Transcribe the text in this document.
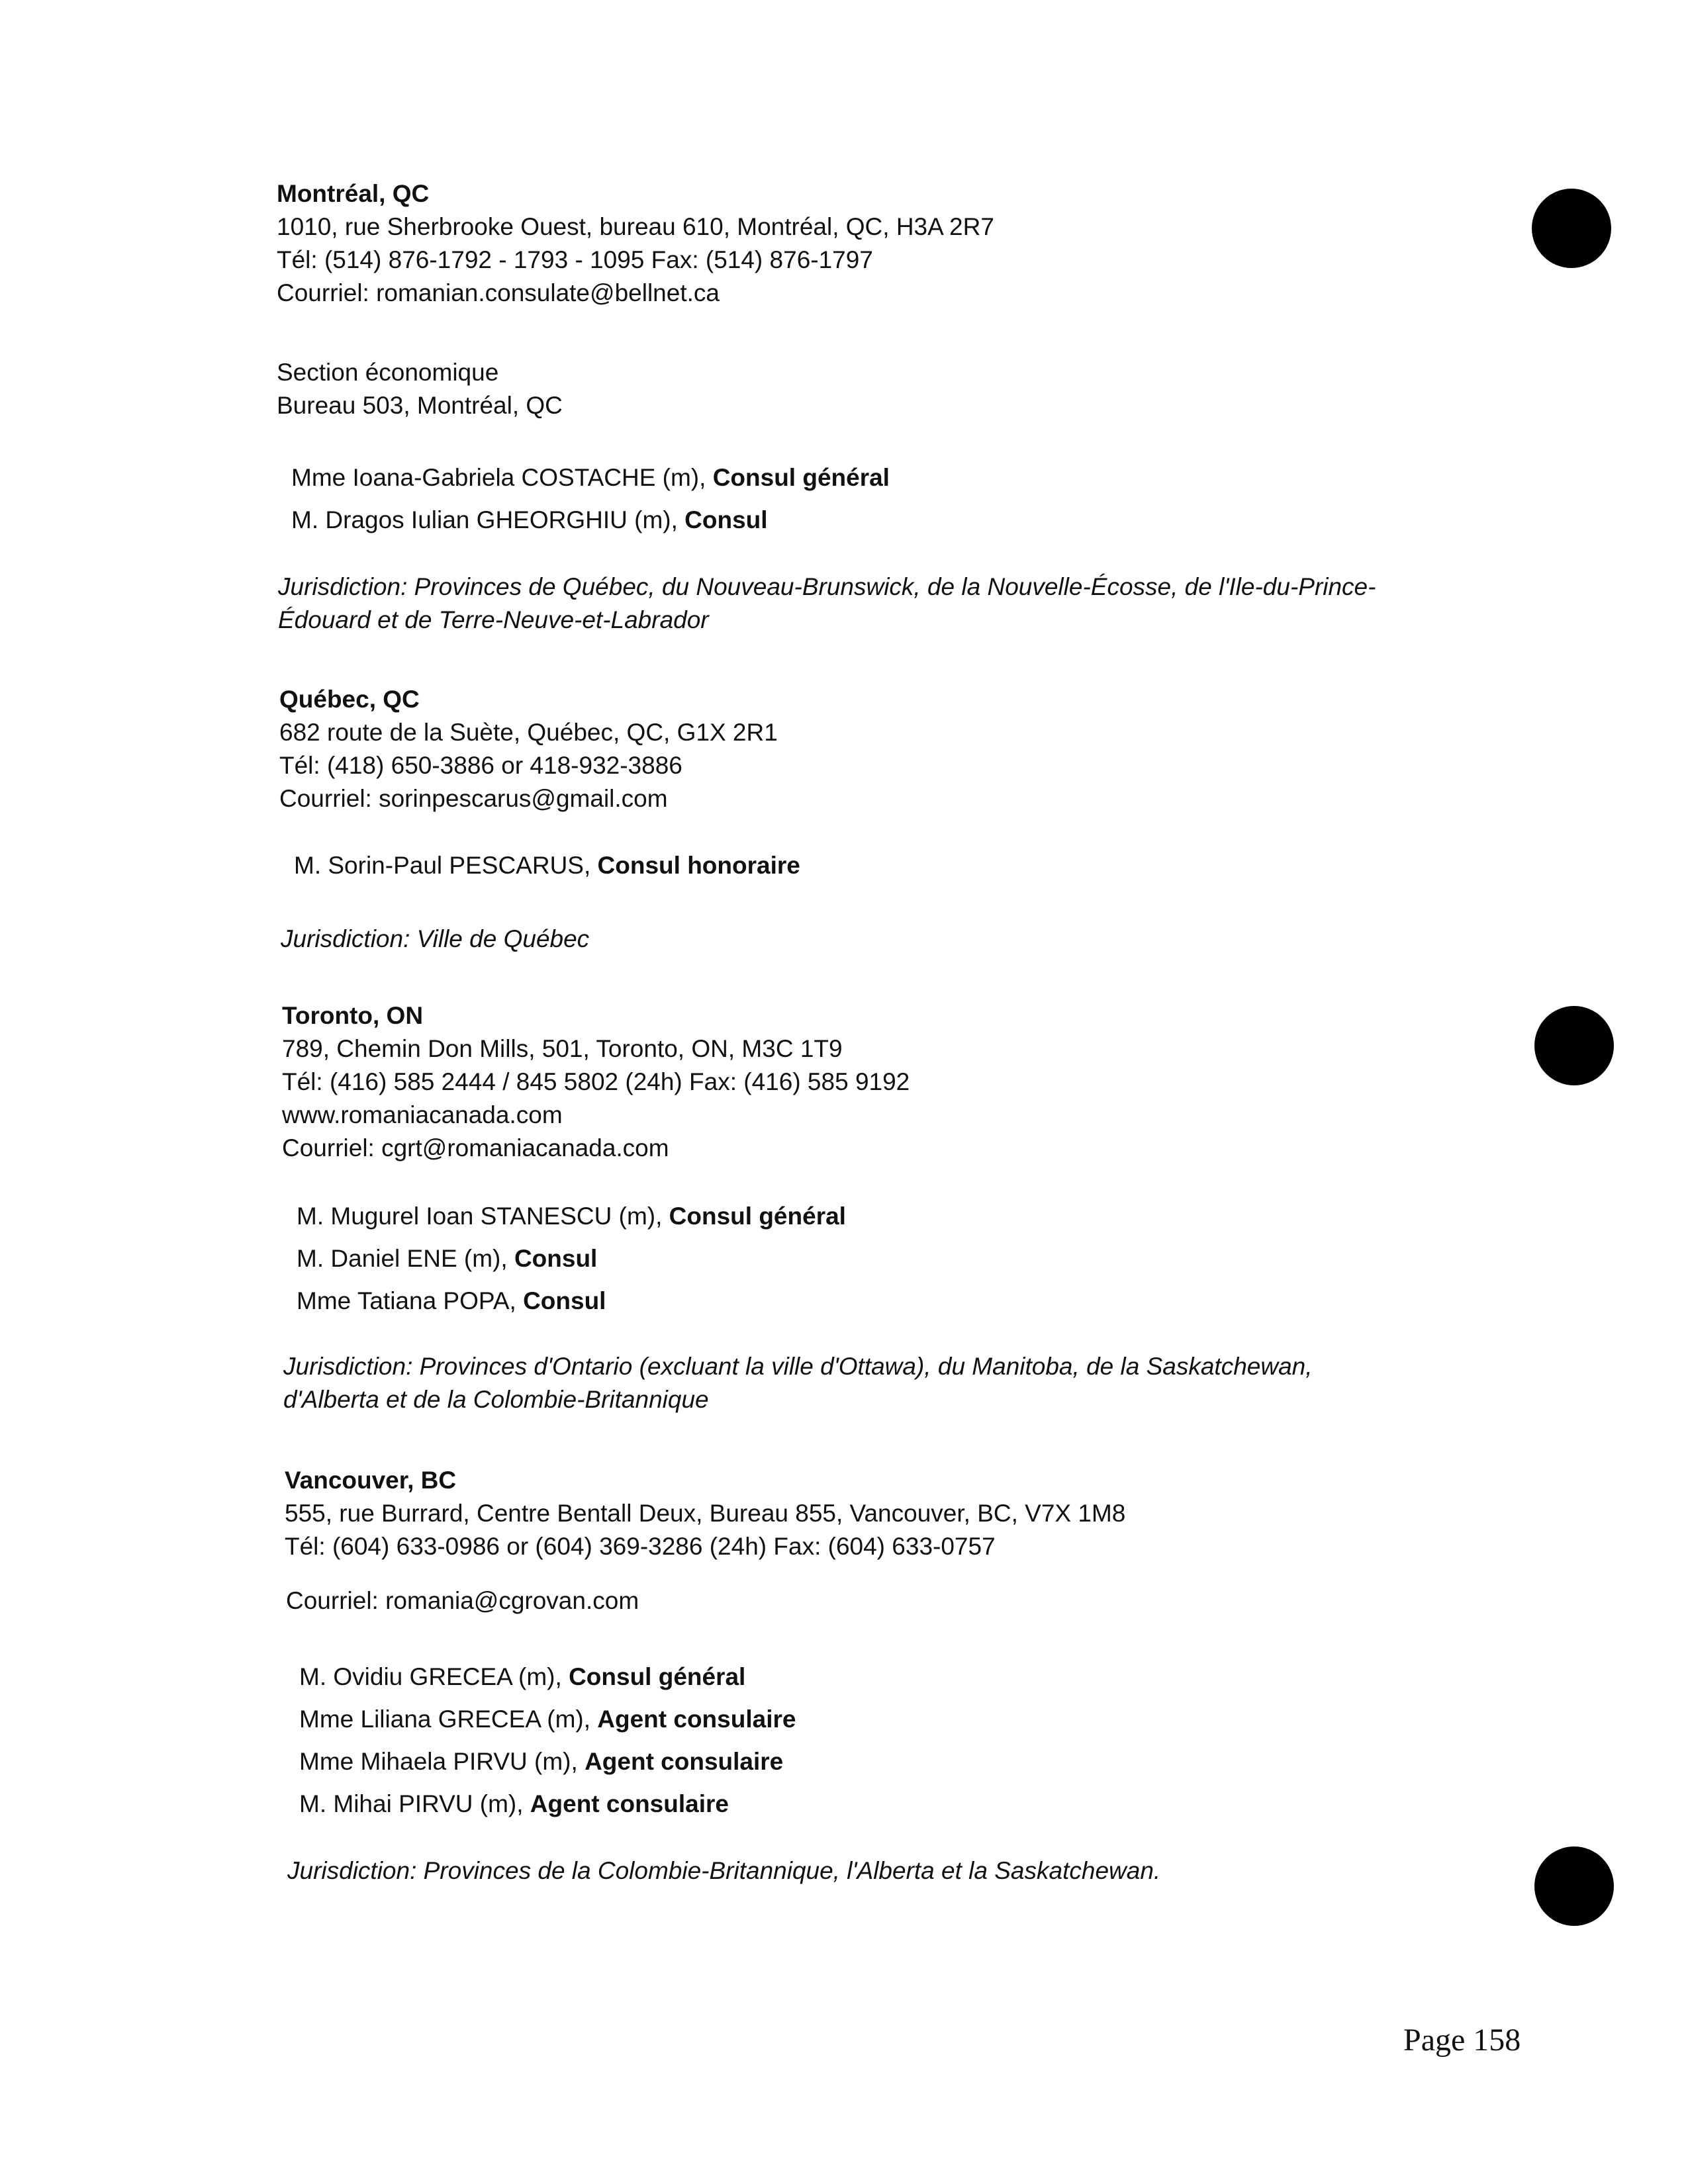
Montréal, QC
1010, rue Sherbrooke Ouest, bureau 610, Montréal, QC, H3A 2R7
Tél: (514) 876-1792 - 1793 - 1095 Fax: (514) 876-1797
Courriel: romanian.consulate@bellnet.ca
Section économique
Bureau 503, Montréal, QC
Mme Ioana-Gabriela COSTACHE (m), Consul général
M. Dragos Iulian GHEORGHIU (m), Consul
Jurisdiction: Provinces de Québec, du Nouveau-Brunswick, de la Nouvelle-Écosse, de l'Ile-du-Prince-
Édouard et de Terre-Neuve-et-Labrador
Québec, QC
682 route de la Suète, Québec, QC, G1X 2R1
Tél: (418) 650-3886 or 418-932-3886
Courriel: sorinpescarus@gmail.com
M. Sorin-Paul PESCARUS, Consul honoraire
Jurisdiction: Ville de Québec
Toronto, ON
789, Chemin Don Mills, 501, Toronto, ON, M3C 1T9
Tél: (416) 585 2444 / 845 5802 (24h) Fax: (416) 585 9192
www.romaniacanada.com
Courriel: cgrt@romaniacanada.com
M. Mugurel Ioan STANESCU (m), Consul général
M. Daniel ENE (m), Consul
Mme Tatiana POPA, Consul
Jurisdiction: Provinces d'Ontario (excluant la ville d'Ottawa), du Manitoba, de la Saskatchewan,
d'Alberta et de la Colombie-Britannique
Vancouver, BC
555, rue Burrard, Centre Bentall Deux, Bureau 855, Vancouver, BC, V7X 1M8
Tél: (604) 633-0986 or (604) 369-3286 (24h) Fax: (604) 633-0757
Courriel: romania@cgrovan.com
M. Ovidiu GRECEA (m), Consul général
Mme Liliana GRECEA (m), Agent consulaire
Mme Mihaela PIRVU (m), Agent consulaire
M. Mihai PIRVU (m), Agent consulaire
Jurisdiction: Provinces de la Colombie-Britannique, l'Alberta et la Saskatchewan.
Page 158
